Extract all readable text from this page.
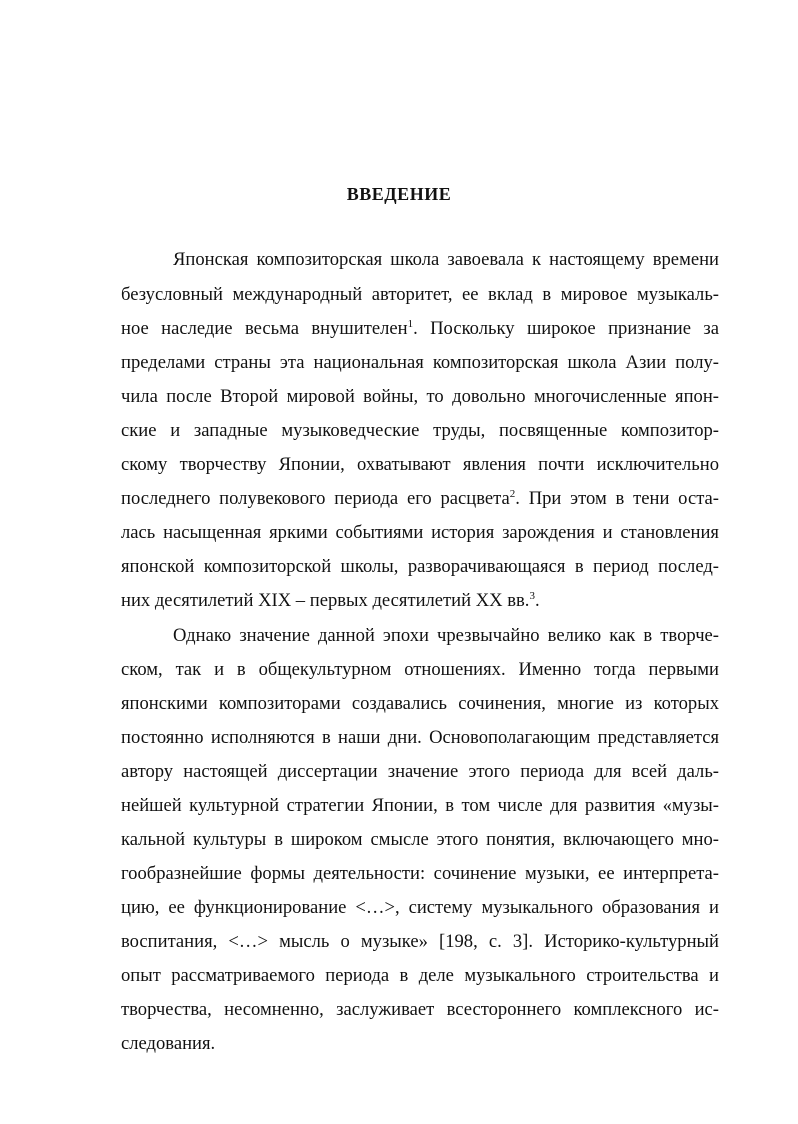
ВВЕДЕНИЕ
Японская композиторская школа завоевала к настоящему времени
безусловный международный авторитет, ее вклад в мировое музыкаль-
ное наследие весьма внушителен$^1$. Поскольку широкое признание за
пределами страны эта национальная композиторская школа Азии полу-
чила после Второй мировой войны, то довольно многочисленные япон-
ские и западные музыковедческие труды, посвященные композитор-
скому творчеству Японии, охватывают явления почти исключительно
последнего полувекового периода его расцвета$^2$. При этом в тени оста-
лась насыщенная яркими событиями история зарождения и становления
японской композиторской школы, разворачивающаяся в период послед-
них десятилетий XIX – первых десятилетий XX вв.$^3$.
Однако значение данной эпохи чрезвычайно велико как в творче-
ском, так и в общекультурном отношениях. Именно тогда первыми
японскими композиторами создавались сочинения, многие из которых
постоянно исполняются в наши дни. Основополагающим представляется
автору настоящей диссертации значение этого периода для всей даль-
нейшей культурной стратегии Японии, в том числе для развития «музы-
кальной культуры в широком смысле этого понятия, включающего мно-
гообразнейшие формы деятельности: сочинение музыки, ее интерпрета-
цию, ее функционирование <…>, систему музыкального образования и
воспитания, <…> мысль о музыке» [198, с. 3]. Историко-культурный
опыт рассматриваемого периода в деле музыкального строительства и
творчества, несомненно, заслуживает всестороннего комплексного ис-
следования.
